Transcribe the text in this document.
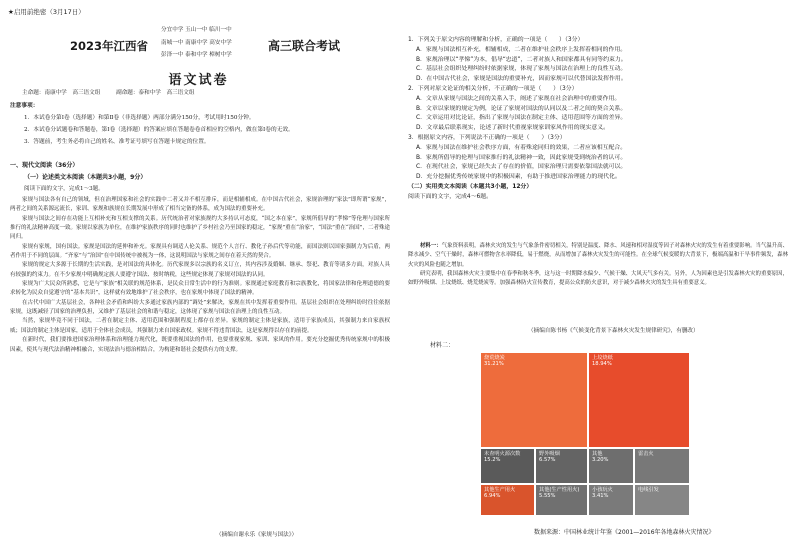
★启用前绝密（3月17日）
2023年江西省
分宜中学 玉山一中 临川一中
南城一中 南康中学 高安中学
彭泽一中 泰和中学 樟树中学
高三联合考试
语文试卷
主命题：南康中学　高三语文组	副命题：泰和中学　高三语文组
注意事项：
1．本试卷分第Ⅰ卷（选择题）和第Ⅱ卷（非选择题）两部分满分150分，考试用时150分钟。
2．本试卷分试题卷和答题卷，第Ⅰ卷（选择题）的答案应填在答题卷卷首相应的空格内，做在第Ⅰ卷的无效。
3．答题前，考生务必将自己的姓名、准考证号填写在答题卡规定的位置。
一、现代文阅读（36分）
（一）论述类文本阅读（本题共3小题，9分）
阅读下面的文字，完成1～3题。

家规与国法各有自己的领域，但在治理国家和社会的实践中二者又并不相互排斥，而是相辅相成。在中国古代社会，家规治理的“家法”即所谓“家规”，两者之间的关系源远流长，家训、家规和族规在长期发展中形成了相当完备的体系，成为国法的重要补充。

家规与国法之间存在功能上互相补充和互相支撑的关系。历代统治者对家族规约大多持认可态度，“国之本在家”，家规所倡导的“孝悌”等伦理与国家所推行的礼法精神高度一致。家规以家族为单位，在维护家族秩序的同时也维护了乡村社会乃至国家的稳定，“家规”重在“治家”，“国法”重在“治国”，二者殊途同归。

家规有家规，国有国法。家规是国法的延伸和补充。家规具有调适人伦关系、规范个人言行、教化子孙后代等功能，而国法则以国家强制力为后盾，两者作用于不同的层面。“齐家”与“治国”在中国传统中被视为一体，这说明国法与家规之间存在着天然的契合。

家规的规定大多源于长期的生活实践，是对国法的具体化。历代家规多以宗族的名义订立，其内容涉及婚姻、继承、祭祀、教育等诸多方面，对族人具有较强的约束力。在不少家规中明确规定族人要遵守国法、按时纳税，这些规定体现了家规对国法的认同。

家规为广大民众所熟悉，它是与“家族”相关联的规范体系，是民众日常生活中的行为准则。家规通过家庭教育和宗族教化，将国家法律和伦理道德的要求转化为民众自觉遵守的“基本共识”，这样就有效地维护了社会秩序，也在家规中体现了国法的精神。

在古代中国广大基层社会，各种社会矛盾和纠纷大多通过家族内部的“调处”来解决，家规在其中发挥着重要作用。基层社会组织在处理纠纷时往往依据家规，这既减轻了国家的治理负担，又维护了基层社会的和谐与稳定，这体现了家规与国法在治理上的良性互动。

当然，家规毕竟不同于国法，二者在制定主体、适用范围和强制程度上都存在差异。家规的制定主体是家族，适用于家族成员，其强制力来自家族权威；国法的制定主体是国家，适用于全体社会成员，其强制力来自国家政权。家规不得违背国法，这是家规得以存在的前提。

在新时代，我们要推进国家治理体系和治理能力现代化，既要重视国法的作用，也要重视家规、家训、家风的作用。要充分挖掘优秀传统家规中的积极因素，使其与现代法治精神相融合，实现法治与德治相结合，为构建和谐社会提供有力的支撑。

（摘编自谢永乐《家规与国法》）
1．下列关于原文内容的理解和分析，正确的一项是（　　）（3分）
A．家规与国法相互补充，相辅相成，二者在维护社会秩序上发挥着相同的作用。
B．家规治理以“孝悌”为本，倡导“忠道”，二者对族人和国家都具有同等约束力。
C．基层社会组织处理纠纷时依据家规，体现了家规与国法在治理上的良性互动。
D．在中国古代社会，家规是国法的重要补充，因而家规可以代替国法发挥作用。
2．下列对原文论证的相关分析，不正确的一项是（　　）（3分）
A．文章从家规与国法之间的关系入手，阐述了家规在社会治理中的重要作用。
B．文章以家规的规定为例，论证了家规对国法的认同以及二者之间的契合关系。
C．文章运用对比论证，指出了家规与国法在制定主体、适用范围等方面的差异。
D．文章最后联系现实，论述了新时代重视家规家训家风作用的现实意义。
3．根据原文内容，下列说法不正确的一项是（　　）（3分）
A．家规与国法在维护社会秩序方面，有着殊途同归的效果，二者应该相互配合。
B．家规所倡导的伦理与国家推行的礼法精神一致，因此家规受到统治者的认可。
C．在现代社会，家规已经失去了存在的价值，国家治理只需要依靠国法就可以。
D．充分挖掘优秀传统家规中的积极因素，有助于推进国家治理能力的现代化。
（二）实用类文本阅读（本题共3小题，12分）
阅读下面的文字，完成4～6题。

材料一：气象资料表明，森林火灾的发生与气象条件密切相关，特别是温度、降水、风速和相对湿度等因子对森林火灾的发生有着重要影响。当气温升高、降水减少、空气干燥时，森林可燃物含水率降低，易于燃烧，从而增加了森林火灾发生的可能性。在全球气候变暖的大背景下，极端高温和干旱事件频发，森林火灾的风险也随之增加。

研究表明，我国森林火灾主要集中在春季和秋冬季，这与这一时期降水偏少、气候干燥、大风天气多有关。另外，人为因素也是引发森林火灾的重要原因，如野外吸烟、上坟烧纸、烧荒烧炭等。加强森林防火宣传教育，提高公众的防火意识，对于减少森林火灾的发生具有重要意义。

（摘编自陈书杨《气候变化背景下森林火灾发生规律研究》，有删改）
材料二：
烧荒烧炭
31.21%
上坟烧纸
18.94%
未查明火源次数
15.2%
野外吸烟
6.57%
其他
3.20%
雷击火
其他生产用火
6.94%
其他(生产性用火)
5.55%
小孩玩火
3.41%
电线引发
数据来源：中国林业统计年鉴《2001—2016年各地森林火灾情况》
